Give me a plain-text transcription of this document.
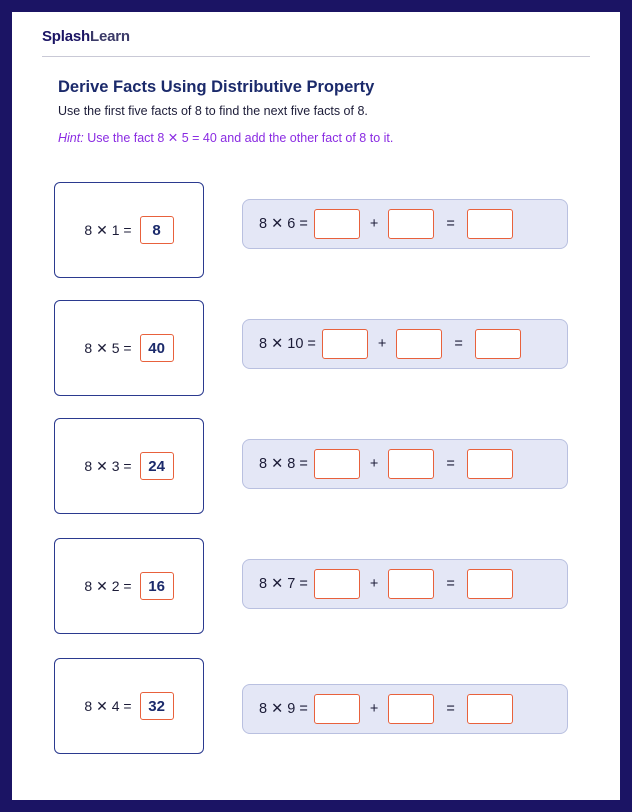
SplashLearn
Derive Facts Using Distributive Property
Use the first five facts of 8 to find the next five facts of 8.
Hint: Use the fact 8 ✕ 5 = 40 and add the other fact of 8 to it.
8 ✕ 1 =	8
8 ✕ 5 =	40
8 ✕ 3 =	24
8 ✕ 2 =	16
8 ✕ 4 =	32
8 ✕ 6 =	+	=
8 ✕ 10 =	+	=
8 ✕ 8 =	+	=
8 ✕ 7 =	+	=
8 ✕ 9 =	+	=
